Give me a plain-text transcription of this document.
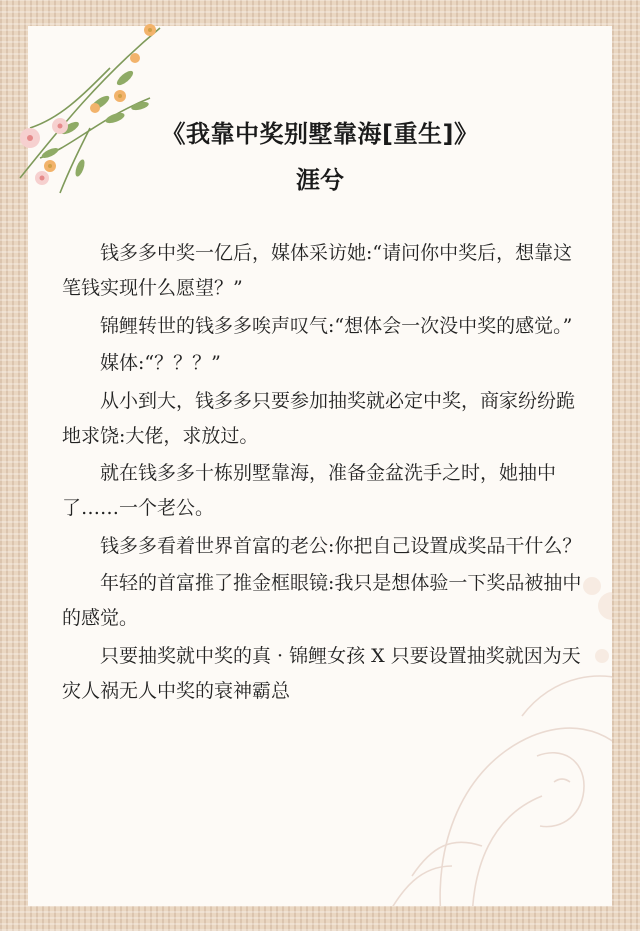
《我靠中奖别墅靠海[重生]》
涯兮

钱多多中奖一亿后，媒体采访她:“请问你中奖后，想靠这笔钱实现什么愿望？”

锦鲤转世的钱多多唉声叹气:“想体会一次没中奖的感觉。”

媒体:“？？？”

从小到大，钱多多只要参加抽奖就必定中奖，商家纷纷跪地求饶:大佬，求放过。

就在钱多多十栋别墅靠海，准备金盆洗手之时，她抽中了……一个老公。

钱多多看着世界首富的老公:你把自己设置成奖品干什么？

年轻的首富推了推金框眼镜:我只是想体验一下奖品被抽中的感觉。

只要抽奖就中奖的真 · 锦鲤女孩 X 只要设置抽奖就因为天灾人祸无人中奖的衰神霸总
